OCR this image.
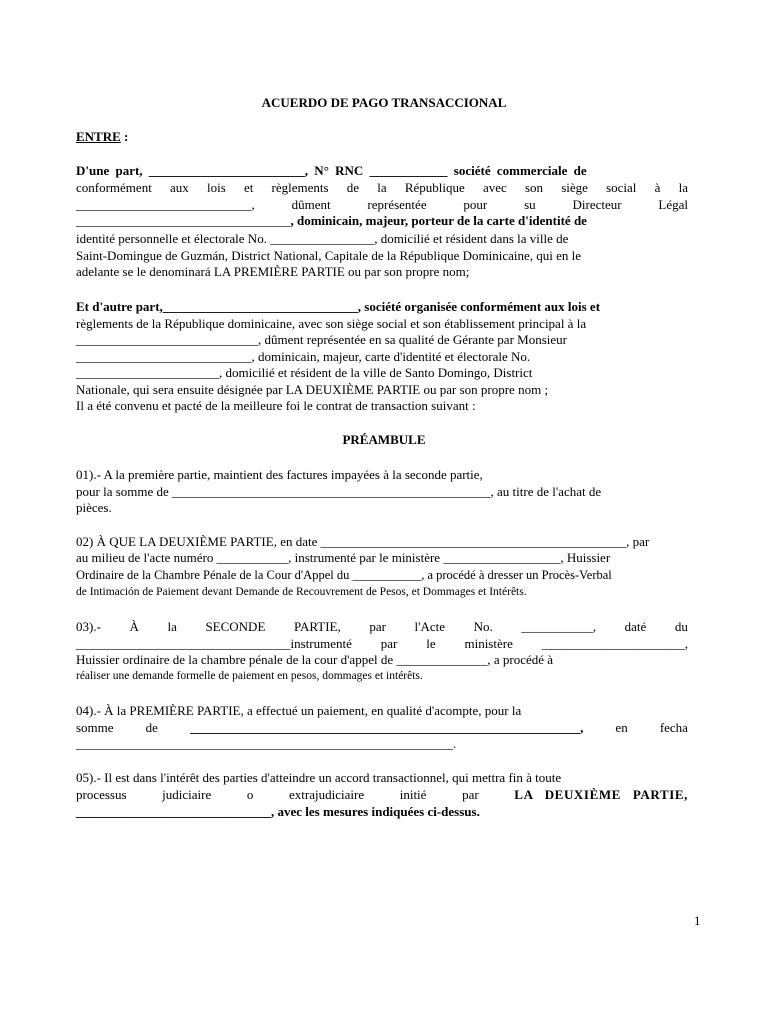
ACUERDO DE PAGO TRANSACCIONAL
ENTRE :
D'une part, ________________________, N° RNC ____________ société commerciale de
conformément aux lois et règlements de la République avec son siège social à la
___________________________,	dûment	représentée	pour	su	Directeur	Légal
_________________________________, dominicain, majeur, porteur de la carte d'identité de
identité personnelle et électorale No. ________________, domicilié et résident dans la ville de
Saint-Domingue de Guzmán, District National, Capitale de la République Dominicaine, qui en le
adelante se le denominará LA PREMIÈRE PARTIE ou par son propre nom;
Et d'autre part,______________________________, société organisée conformément aux lois et
règlements de la République dominicaine, avec son siège social et son établissement principal à la
____________________________, dûment représentée en sa qualité de Gérante par Monsieur
___________________________, dominicain, majeur, carte d'identité et électorale No.
______________________, domicilié et résident de la ville de Santo Domingo, District
Nationale, qui sera ensuite désignée par LA DEUXIÈME PARTIE ou par son propre nom ;
Il a été convenu et pacté de la meilleure foi le contrat de transaction suivant :
PRÉAMBULE
01).- A la première partie, maintient des factures impayées à la seconde partie,
pour la somme de _________________________________________________, au titre de l'achat de
pièces.
02) À QUE LA DEUXIÈME PARTIE, en date _______________________________________________, par
au milieu de l'acte numéro ___________, instrumenté par le ministère __________________, Huissier
Ordinaire de la Chambre Pénale de la Cour d'Appel du ___________, a procédé à dresser un Procès-Verbal
de Intimación de Paiement devant Demande de Recouvrement de Pesos, et Dommages et Intérêts.
03).- À la SECONDE PARTIE, par l'Acte No. ___________, daté du
_________________________________instrumenté par le ministère ______________________,
Huissier ordinaire de la chambre pénale de la cour d'appel de ______________, a procédé à
réaliser une demande formelle de paiement en pesos, dommages et intérêts.
04).- À la PREMIÈRE PARTIE, a effectué un paiement, en qualité d'acompte, pour la
somme de ____________________________________________________________, en fecha
__________________________________________________________.
05).- Il est dans l'intérêt des parties d'atteindre un accord transactionnel, qui mettra fin à toute
processus	judiciaire	o	extrajudiciaire	initié	par	LA DEUXIÈME PARTIE,
______________________________, avec les mesures indiquées ci-dessus.
1
